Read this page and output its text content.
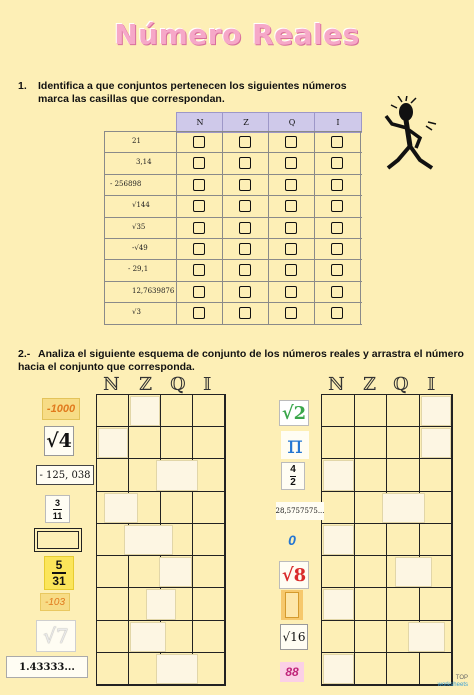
Número Reales
1. Identifica a que conjuntos pertenecen los siguientes números
marca las casillas que correspondan.
N	Z	Q	I
21
3,14
- 256898
√144
√35
-√49
- 29,1
12,7639876
√3
2.- Analiza el siguiente esquema de conjunto de los números reales y arrastra el número
hacia el conjunto que corresponda.
ℕ ℤ ℚ 𝕀	ℕ ℤ ℚ 𝕀
-1000
√4
- 125, 038
$\frac{3}{11}$
5
31
-103
√7
1.43333...
√2
π
4
2
28,5757575...
0
√8
√16
88	TOP
worksheets
